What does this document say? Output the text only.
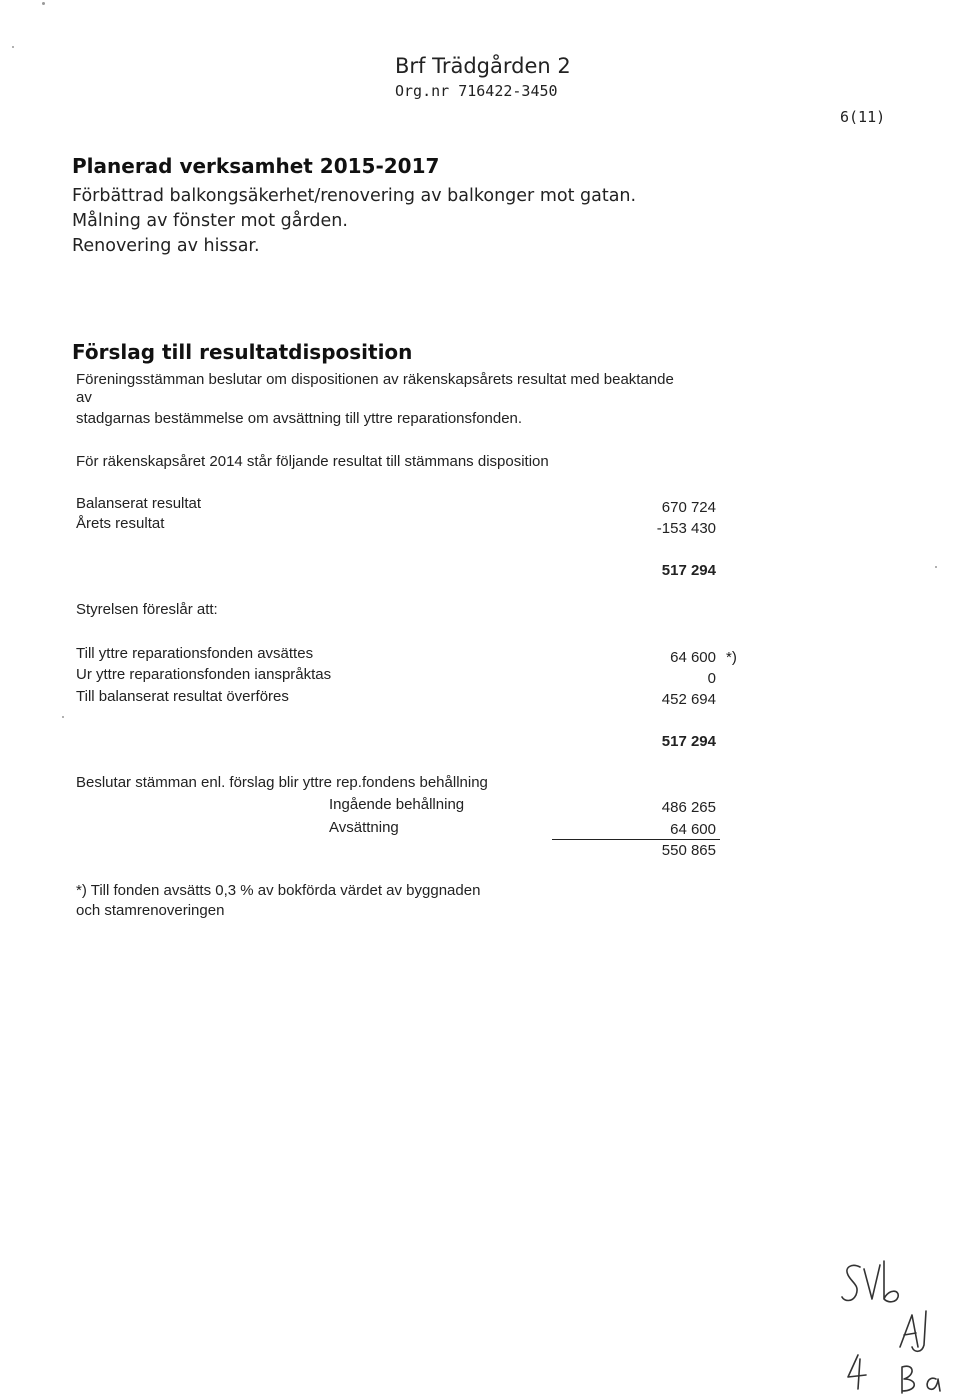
Brf Trädgården 2
Org.nr 716422-3450
6(11)
Planerad verksamhet 2015-2017
Förbättrad balkongsäkerhet/renovering av balkonger mot gatan.
Målning av fönster mot gården.
Renovering av hissar.
Förslag till resultatdisposition
Föreningsstämman beslutar om dispositionen av räkenskapsårets resultat med beaktande
av
stadgarnas bestämmelse om avsättning till yttre reparationsfonden.
För räkenskapsåret 2014 står följande resultat till stämmans disposition
Balanserat resultat	670 724
Årets resultat	-153 430
517 294
Styrelsen föreslår att:
Till yttre reparationsfonden avsättes	64 600 *)
Ur yttre reparationsfonden ianspråktas	0
Till balanserat resultat överföres	452 694
517 294
Beslutar stämman enl. förslag blir yttre rep.fondens behållning
Ingående behållning	486 265
Avsättning	64 600
550 865
*) Till fonden avsätts 0,3 % av bokförda värdet av byggnaden
och stamrenoveringen
